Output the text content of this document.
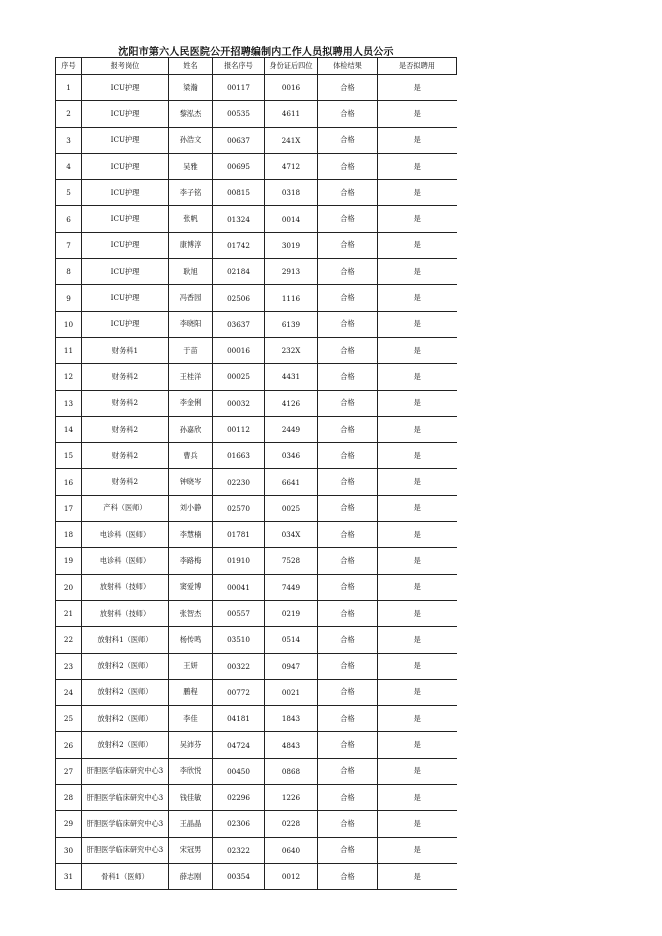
沈阳市第六人民医院公开招聘编制内工作人员拟聘用人员公示
序号	报考岗位	姓名	报名序号	身份证后四位	体检结果	是否拟聘用
1	ICU护理	梁瀚	00117	0016	合格	是
2	ICU护理	黎泓杰	00535	4611	合格	是
3	ICU护理	孙浩文	00637	241X	合格	是
4	ICU护理	吴雅	00695	4712	合格	是
5	ICU护理	李子铭	00815	0318	合格	是
6	ICU护理	张帆	01324	0014	合格	是
7	ICU护理	康博淳	01742	3019	合格	是
8	ICU护理	耿旭	02184	2913	合格	是
9	ICU护理	冯香园	02506	1116	合格	是
10	ICU护理	李晓阳	03637	6139	合格	是
11	财务科1	于苗	00016	232X	合格	是
12	财务科2	王桂洋	00025	4431	合格	是
13	财务科2	李金俐	00032	4126	合格	是
14	财务科2	孙嘉欣	00112	2449	合格	是
15	财务科2	曹兵	01663	0346	合格	是
16	财务科2	钟晓岑	02230	6641	合格	是
17	产科（医师）	刘小静	02570	0025	合格	是
18	电诊科（医师）	李慧楠	01781	034X	合格	是
19	电诊科（医师）	李路梅	01910	7528	合格	是
20	放射科（技师）	窦爱博	00041	7449	合格	是
21	放射科（技师）	张智杰	00557	0219	合格	是
22	放射科1（医师）	杨传鸣	03510	0514	合格	是
23	放射科2（医师）	王妍	00322	0947	合格	是
24	放射科2（医师）	鹏程	00772	0021	合格	是
25	放射科2（医师）	李佳	04181	1843	合格	是
26	放射科2（医师）	吴沛芬	04724	4843	合格	是
27	肝胆医学临床研究中心3	李欣悦	00450	0868	合格	是
28	肝胆医学临床研究中心3	钱佳敏	02296	1226	合格	是
29	肝胆医学临床研究中心3	王晶晶	02306	0228	合格	是
30	肝胆医学临床研究中心3	宋冠男	02322	0640	合格	是
31	骨科1（医师）	薛志刚	00354	0012	合格	是
